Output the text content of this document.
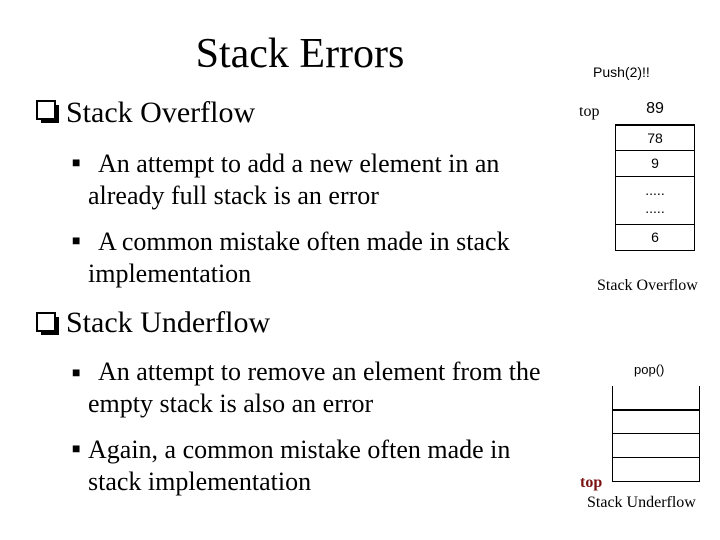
Stack Errors
Stack Overflow
■ An attempt to add a new element in an
already full stack is an error
■ A common mistake often made in stack
implementation
Stack Underflow
■ An attempt to remove an element from the
empty stack is also an error
■ Again, a common mistake often made in
stack implementation
Push(2)!!
top	89
78
9
.....
.....
6
Stack Overflow
pop()
top
Stack Underflow
